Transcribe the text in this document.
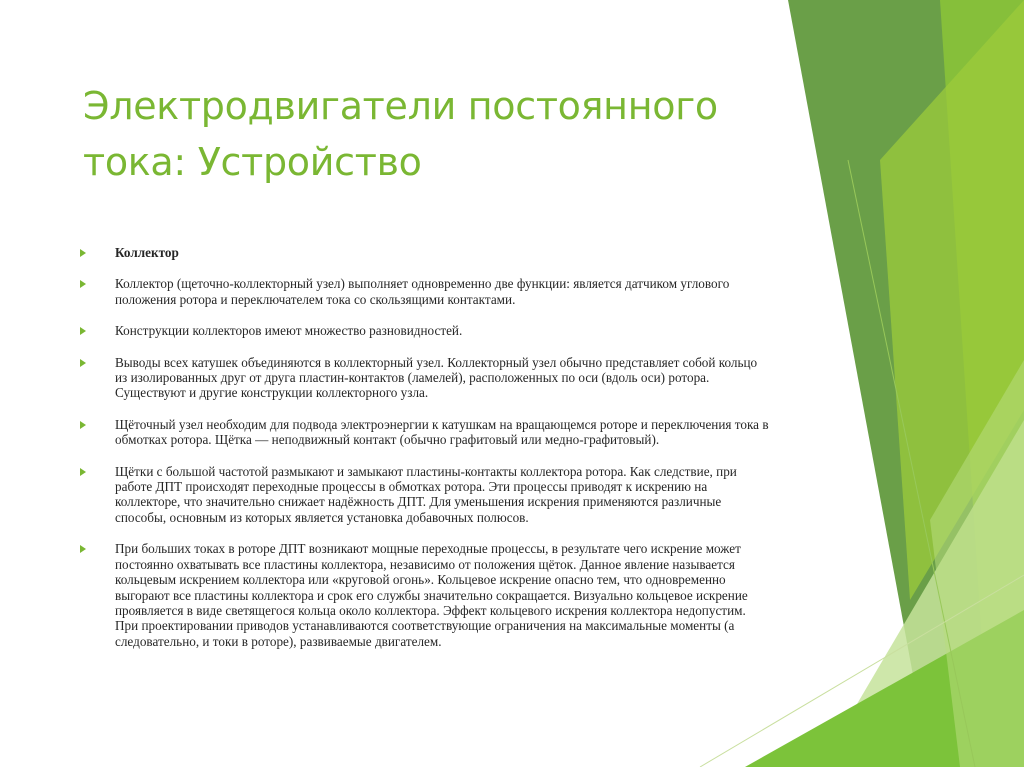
Электродвигатели постоянного тока: Устройство
Коллектор
Коллектор (щеточно-коллекторный узел) выполняет одновременно две функции: является датчиком углового положения ротора и переключателем тока со скользящими контактами.
Конструкции коллекторов имеют множество разновидностей.
Выводы всех катушек объединяются в коллекторный узел. Коллекторный узел обычно представляет собой кольцо из изолированных друг от друга пластин-контактов (ламелей), расположенных по оси (вдоль оси) ротора. Существуют и другие конструкции коллекторного узла.
Щёточный узел необходим для подвода электроэнергии к катушкам на вращающемся роторе и переключения тока в обмотках ротора. Щётка — неподвижный контакт (обычно графитовый или медно-графитовый).
Щётки с большой частотой размыкают и замыкают пластины-контакты коллектора ротора. Как следствие, при работе ДПТ происходят переходные процессы в обмотках ротора. Эти процессы приводят к искрению на коллекторе, что значительно снижает надёжность ДПТ. Для уменьшения искрения применяются различные способы, основным из которых является установка добавочных полюсов.
При больших токах в роторе ДПТ возникают мощные переходные процессы, в результате чего искрение может постоянно охватывать все пластины коллектора, независимо от положения щёток. Данное явление называется кольцевым искрением коллектора или «круговой огонь». Кольцевое искрение опасно тем, что одновременно выгорают все пластины коллектора и срок его службы значительно сокращается. Визуально кольцевое искрение проявляется в виде светящегося кольца около коллектора. Эффект кольцевого искрения коллектора недопустим. При проектировании приводов устанавливаются соответствующие ограничения на максимальные моменты (а следовательно, и токи в роторе), развиваемые двигателем.
